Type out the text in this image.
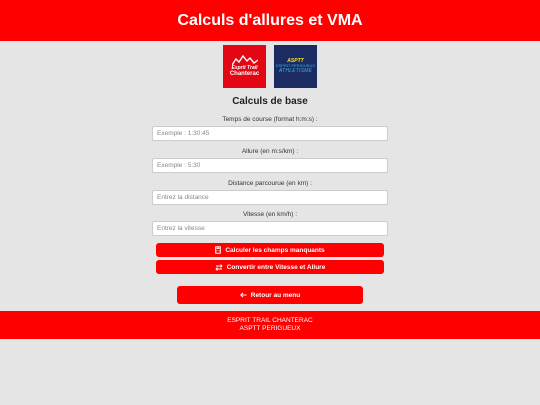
Calculs d'allures et VMA
Esprit Trail
Chanterac
ASPTT
ESPRIT PERIGUEUX
ATHLETISME
Calculs de base
Temps de course (format h:m:s) :
Exemple : 1:30:45
Allure (en m:s/km) :
Exemple : 5:30
Distance parcourue (en km) :
Entrez la distance
Vitesse (en km/h) :
Entrez la vitesse
Calculer les champs manquants
Convertir entre Vitesse et Allure
Retour au menu
ESPRIT TRAIL CHANTERAC
ASPTT PERIGUEUX
